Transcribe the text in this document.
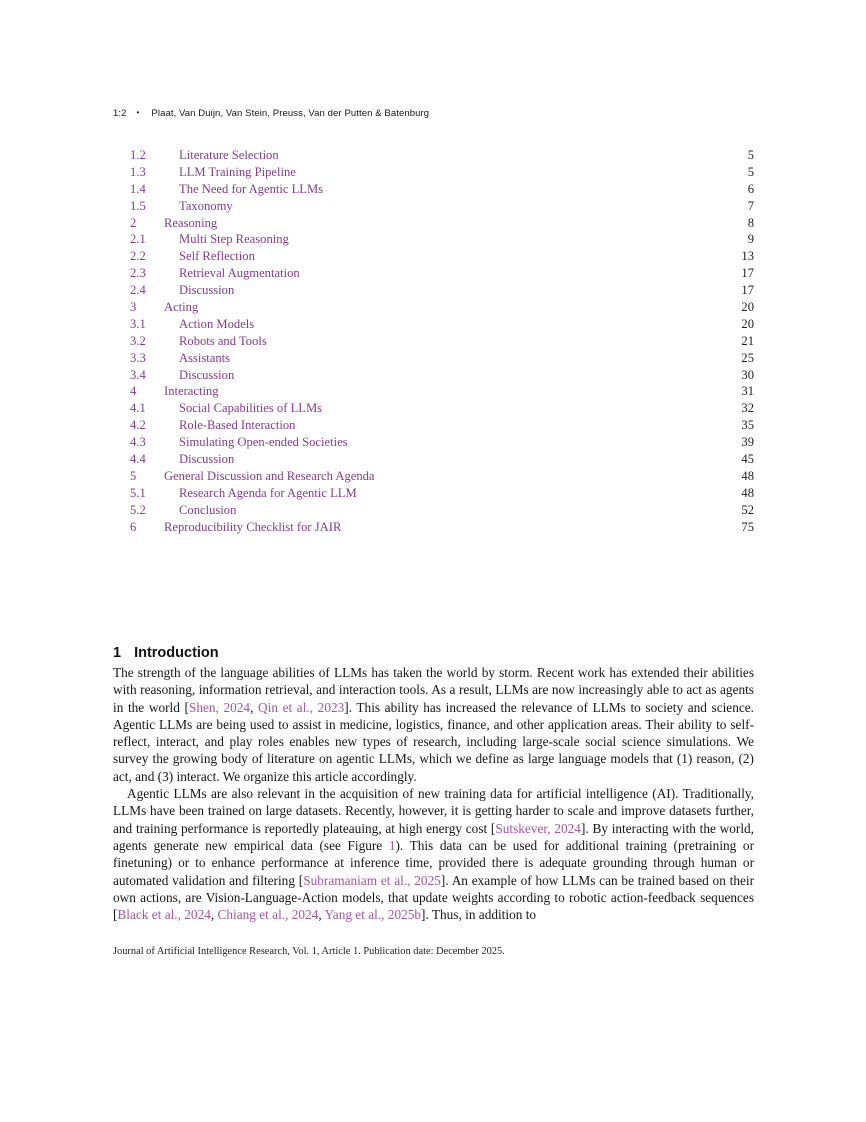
1:2 • Plaat, Van Duijn, Van Stein, Preuss, Van der Putten & Batenburg
1.2	Literature Selection	5
1.3	LLM Training Pipeline	5
1.4	The Need for Agentic LLMs	6
1.5	Taxonomy	7
2	Reasoning	8
2.1	Multi Step Reasoning	9
2.2	Self Reflection	13
2.3	Retrieval Augmentation	17
2.4	Discussion	17
3	Acting	20
3.1	Action Models	20
3.2	Robots and Tools	21
3.3	Assistants	25
3.4	Discussion	30
4	Interacting	31
4.1	Social Capabilities of LLMs	32
4.2	Role-Based Interaction	35
4.3	Simulating Open-ended Societies	39
4.4	Discussion	45
5	General Discussion and Research Agenda	48
5.1	Research Agenda for Agentic LLM	48
5.2	Conclusion	52
6	Reproducibility Checklist for JAIR	75
1 Introduction

The strength of the language abilities of LLMs has taken the world by storm. Recent work has extended their abilities with reasoning, information retrieval, and interaction tools. As a result, LLMs are now increasingly able to act as agents in the world [Shen, 2024, Qin et al., 2023]. This ability has increased the relevance of LLMs to society and science. Agentic LLMs are being used to assist in medicine, logistics, finance, and other application areas. Their ability to self-reflect, interact, and play roles enables new types of research, including large-scale social science simulations. We survey the growing body of literature on agentic LLMs, which we define as large language models that (1) reason, (2) act, and (3) interact. We organize this article accordingly.

Agentic LLMs are also relevant in the acquisition of new training data for artificial intelligence (AI). Traditionally, LLMs have been trained on large datasets. Recently, however, it is getting harder to scale and improve datasets further, and training performance is reportedly plateauing, at high energy cost [Sutskever, 2024]. By interacting with the world, agents generate new empirical data (see Figure 1). This data can be used for additional training (pretraining or finetuning) or to enhance performance at inference time, provided there is adequate grounding through human or automated validation and filtering [Subramaniam et al., 2025]. An example of how LLMs can be trained based on their own actions, are Vision-Language-Action models, that update weights according to robotic action-feedback sequences [Black et al., 2024, Chiang et al., 2024, Yang et al., 2025b]. Thus, in addition to

Journal of Artificial Intelligence Research, Vol. 1, Article 1. Publication date: December 2025.
